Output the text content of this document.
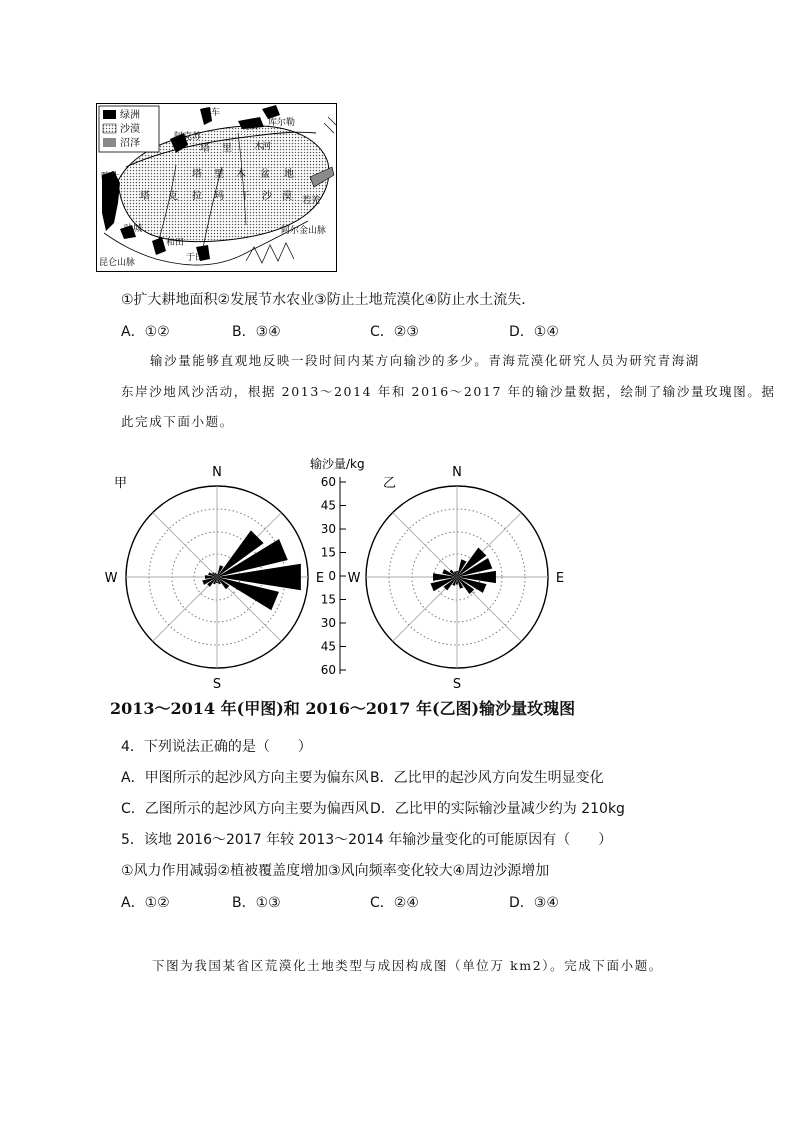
绿洲
沙漠
沼泽
库车
轮台 库尔勒
阿克苏
喀什
叶城
和田
于田
若羌
阿尔金山脉
昆仑山脉
木
河
塔 里
塔 里 木 盆 地
塔 克 拉 玛 干 沙 漠
①扩大耕地面积②发展节水农业③防止土地荒漠化④防止水土流失．
A．①②	B．③④	C．②③	D．①④
输沙量能够直观地反映一段时间内某方向输沙的多少。青海荒漠化研究人员为研究青海湖
东岸沙地风沙活动，根据 2013～2014 年和 2016～2017 年的输沙量数据，绘制了输沙量玫瑰图。据
此完成下面小题。
甲
N
S
W	E
输沙量/kg
60
45
30
15
0
15
30
45
60
乙
N
S
W	E
2013～2014 年(甲图)和 2016～2017 年(乙图)输沙量玫瑰图
4．下列说法正确的是（　　）
A．甲图所示的起沙风方向主要为偏东风 B．乙比甲的起沙风方向发生明显变化
C．乙图所示的起沙风方向主要为偏西风 D．乙比甲的实际输沙量减少约为 210kg
5．该地 2016～2017 年较 2013～2014 年输沙量变化的可能原因有（　　）
①风力作用减弱②植被覆盖度增加③风向频率变化较大④周边沙源增加
A．①②	B．①③	C．②④	D．③④
下图为我国某省区荒漠化土地类型与成因构成图（单位万 km2）。完成下面小题。
